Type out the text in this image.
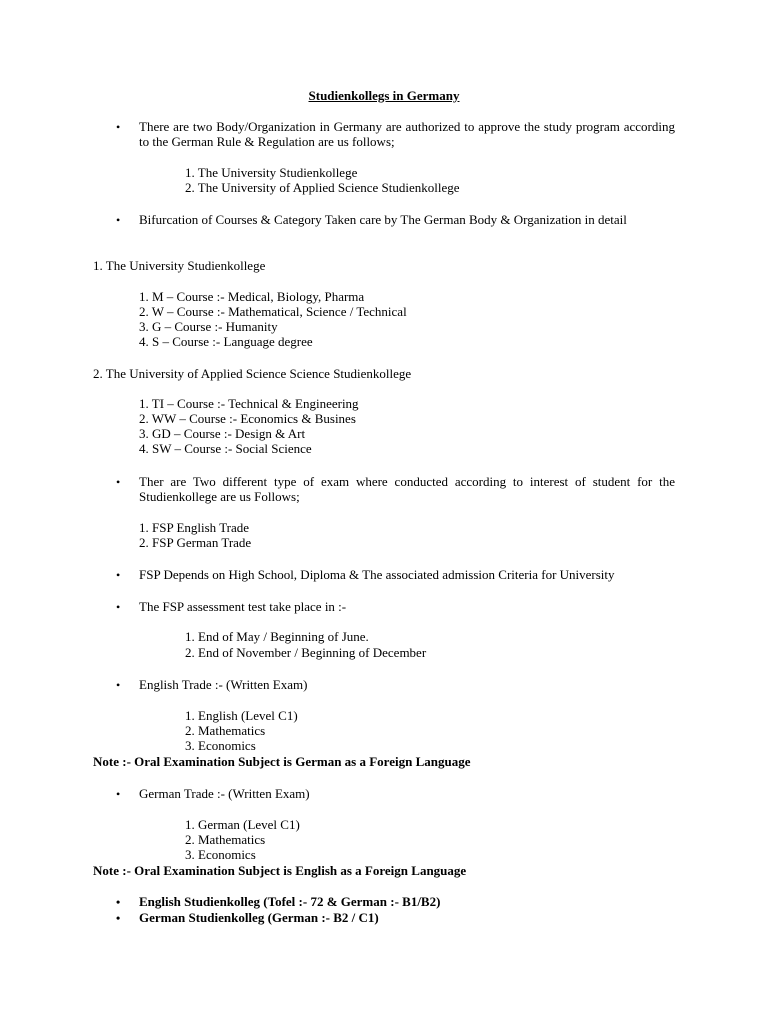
Studienkollegs in Germany
• There are two Body/Organization in Germany are authorized to approve the study program according to the German Rule & Regulation are us follows;
1. The University Studienkollege
2. The University of Applied Science Studienkollege
• Bifurcation of Courses & Category Taken care by The German Body & Organization in detail
1. The University Studienkollege
1. M – Course :- Medical, Biology, Pharma
2. W – Course :- Mathematical, Science / Technical
3. G – Course :- Humanity
4. S – Course :- Language degree
2. The University of Applied Science Science Studienkollege
1. TI – Course :- Technical & Engineering
2. WW – Course :- Economics & Busines
3. GD – Course :- Design & Art
4. SW – Course :- Social Science
• Ther are Two different type of exam where conducted according to interest of student for the Studienkollege are us Follows;
1. FSP English Trade
2. FSP German Trade
• FSP Depends on High School, Diploma & The associated admission Criteria for University
• The FSP assessment test take place in :-
1. End of May / Beginning of June.
2. End of November / Beginning of December
• English Trade :- (Written Exam)
1. English (Level C1)
2. Mathematics
3. Economics
Note :- Oral Examination Subject is German as a Foreign Language
• German Trade :- (Written Exam)
1. German (Level C1)
2. Mathematics
3. Economics
Note :- Oral Examination Subject is English as a Foreign Language
• English Studienkolleg (Tofel :- 72 & German :- B1/B2)
• German Studienkolleg (German :- B2 / C1)
